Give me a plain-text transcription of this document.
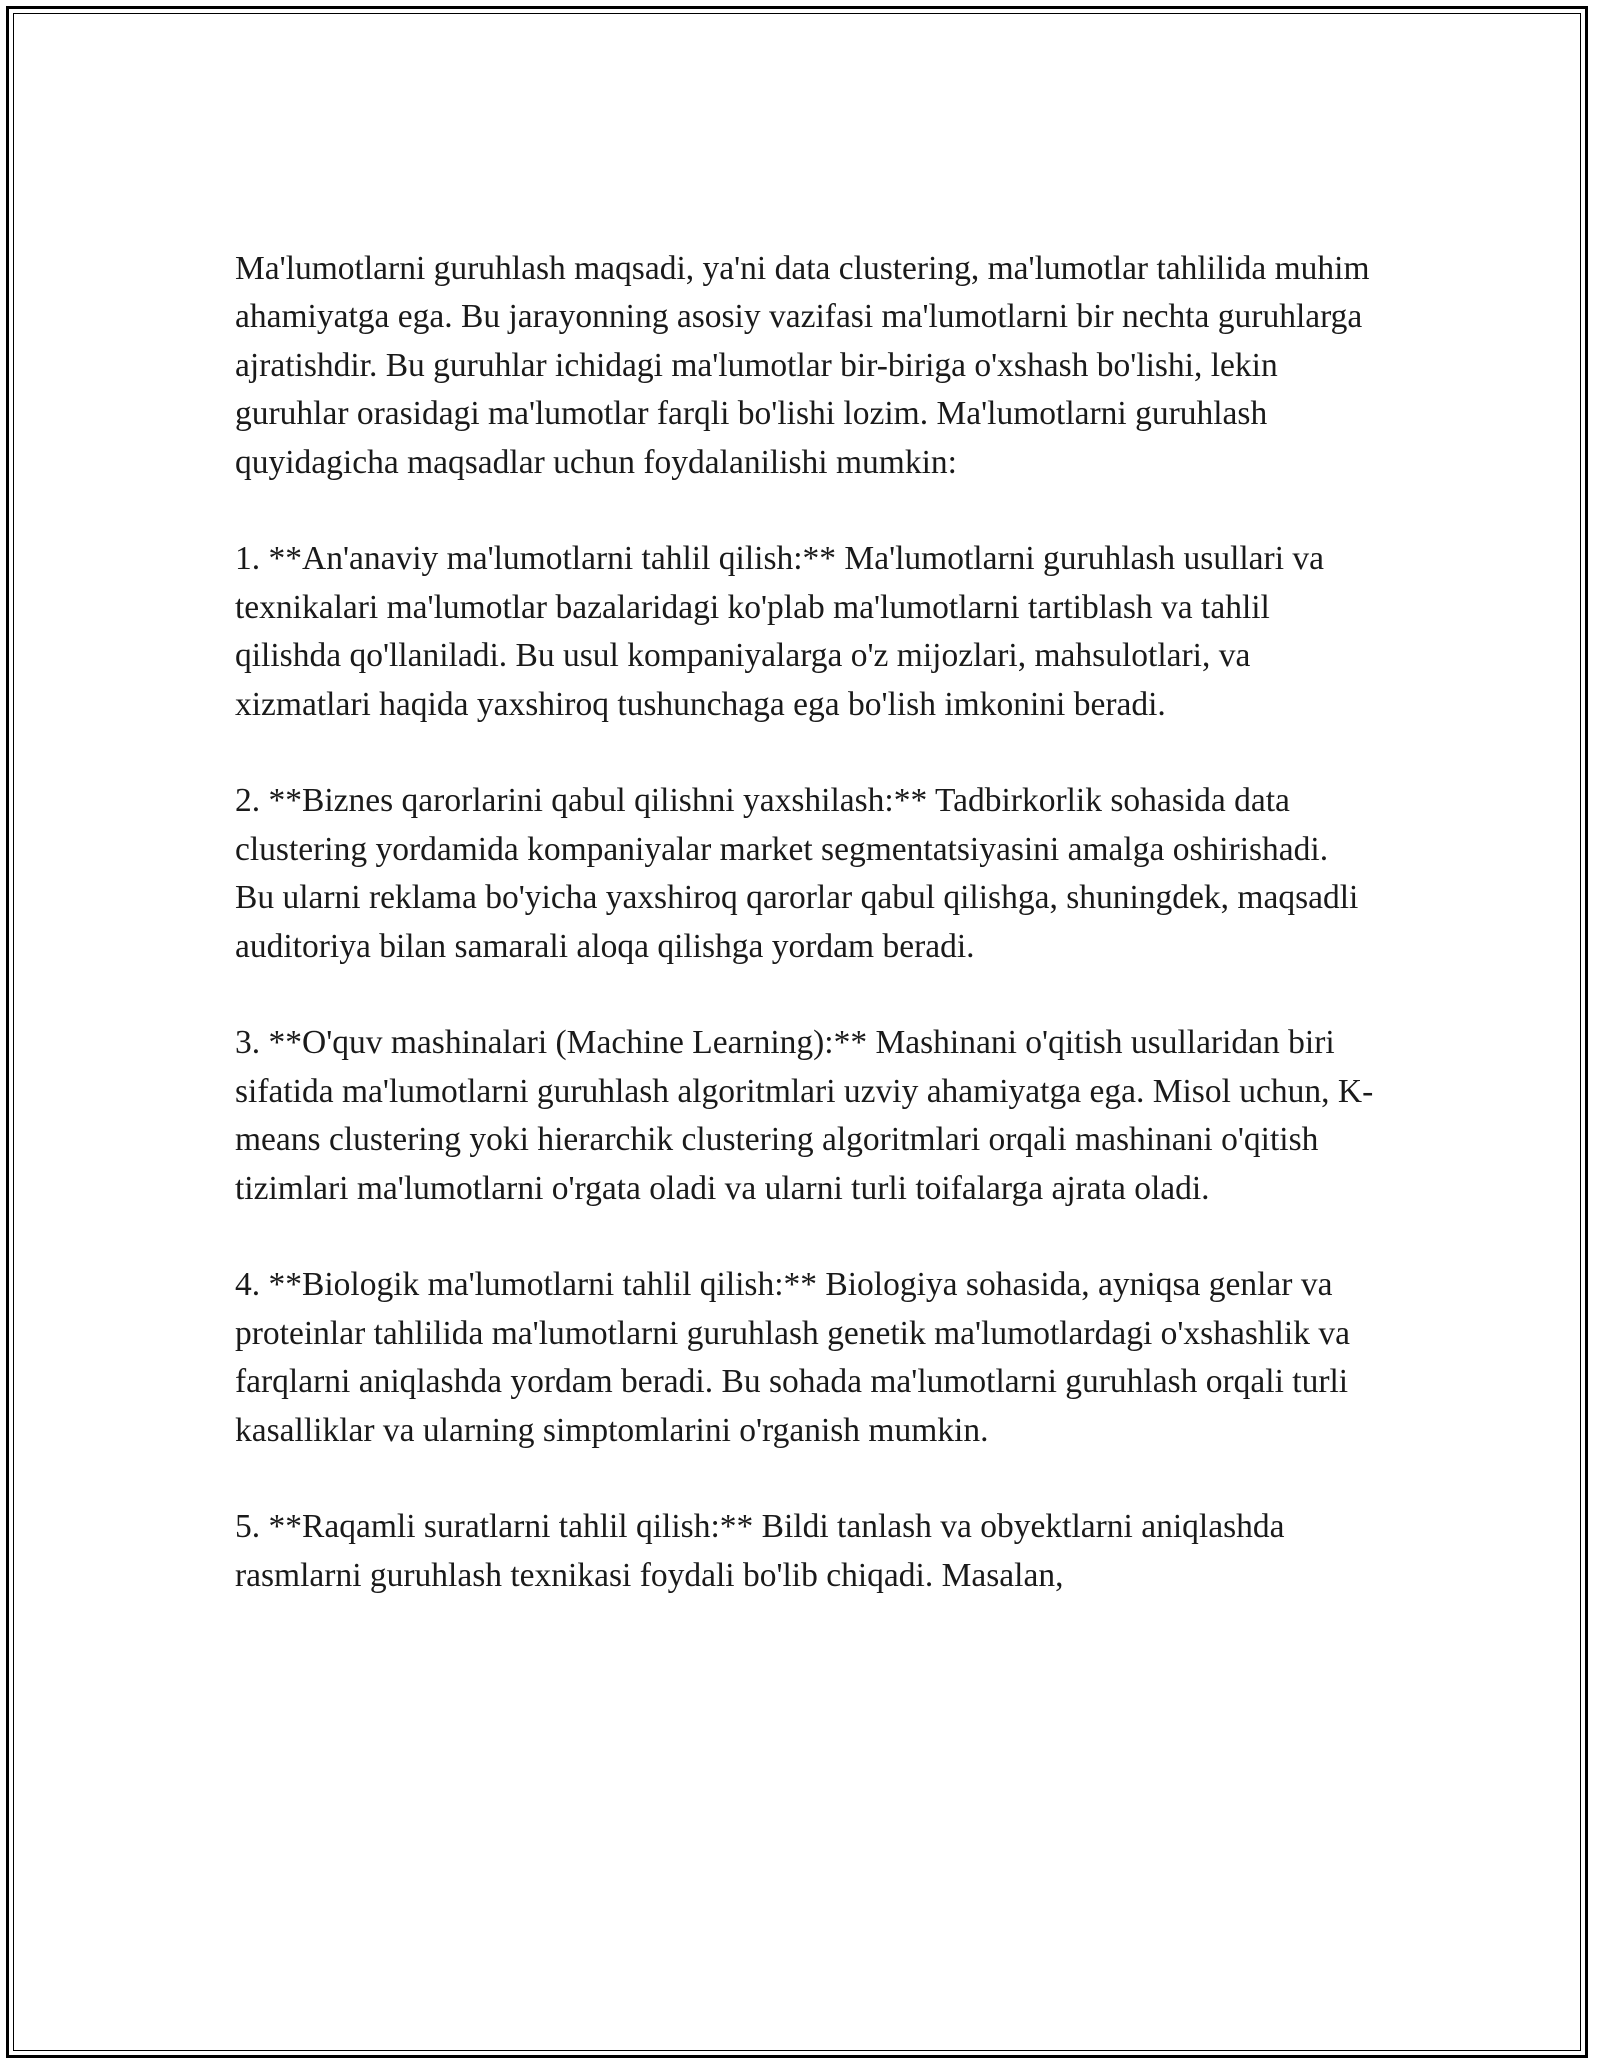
Ma'lumotlarni guruhlash maqsadi, ya'ni data clustering, ma'lumotlar tahlilida muhim ahamiyatga ega. Bu jarayonning asosiy vazifasi ma'lumotlarni bir nechta guruhlarga ajratishdir. Bu guruhlar ichidagi ma'lumotlar bir-biriga o'xshash bo'lishi, lekin guruhlar orasidagi ma'lumotlar farqli bo'lishi lozim. Ma'lumotlarni guruhlash quyidagicha maqsadlar uchun foydalanilishi mumkin:

1. **An'anaviy ma'lumotlarni tahlil qilish:** Ma'lumotlarni guruhlash usullari va texnikalari ma'lumotlar bazalaridagi ko'plab ma'lumotlarni tartiblash va tahlil qilishda qo'llaniladi. Bu usul kompaniyalarga o'z mijozlari, mahsulotlari, va xizmatlari haqida yaxshiroq tushunchaga ega bo'lish imkonini beradi.

2. **Biznes qarorlarini qabul qilishni yaxshilash:** Tadbirkorlik sohasida data clustering yordamida kompaniyalar market segmentatsiyasini amalga oshirishadi. Bu ularni reklama bo'yicha yaxshiroq qarorlar qabul qilishga, shuningdek, maqsadli auditoriya bilan samarali aloqa qilishga yordam beradi.

3. **O'quv mashinalari (Machine Learning):** Mashinani o'qitish usullaridan biri sifatida ma'lumotlarni guruhlash algoritmlari uzviy ahamiyatga ega. Misol uchun, K-means clustering yoki hierarchik clustering algoritmlari orqali mashinani o'qitish tizimlari ma'lumotlarni o'rgata oladi va ularni turli toifalarga ajrata oladi.

4. **Biologik ma'lumotlarni tahlil qilish:** Biologiya sohasida, ayniqsa genlar va proteinlar tahlilida ma'lumotlarni guruhlash genetik ma'lumotlardagi o'xshashlik va farqlarni aniqlashda yordam beradi. Bu sohada ma'lumotlarni guruhlash orqali turli kasalliklar va ularning simptomlarini o'rganish mumkin.

5. **Raqamli suratlarni tahlil qilish:** Bildi tanlash va obyektlarni aniqlashda rasmlarni guruhlash texnikasi foydali bo'lib chiqadi. Masalan,
